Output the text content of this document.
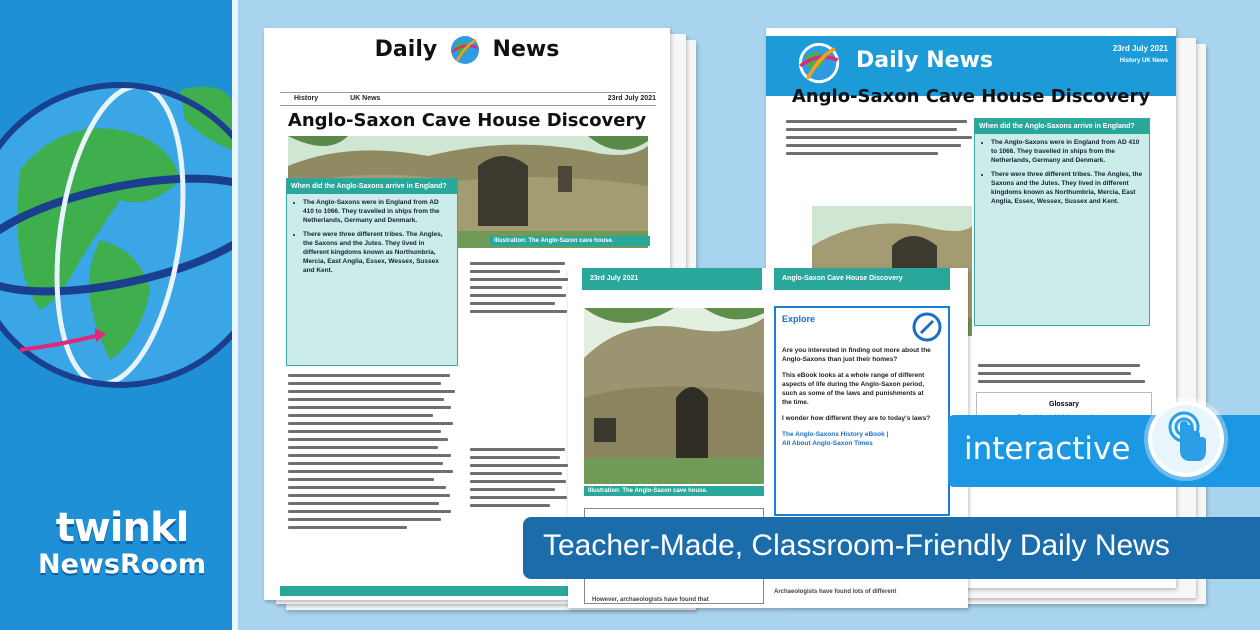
twinkl
NewsRoom
Daily	News
History	UK News	23rd July 2021
Anglo-Saxon Cave House Discovery
Illustration: The Anglo-Saxon cave house.
When did the Anglo-Saxons arrive in England?
• The Anglo-Saxons were in England from AD 410 to 1066. They travelled in ships from the Netherlands, Germany and Denmark.
• There were three different tribes. The Angles, the Saxons and the Jutes. They lived in different kingdoms known as Northumbria, Mercia, East Anglia, Essex, Wessex, Sussex and Kent.
Daily News	23rd July 2021
History UK News
Anglo-Saxon Cave House Discovery
When did the Anglo-Saxons arrive in England?
• The Anglo-Saxons were in England from AD 410 to 1066. They travelled in ships from the Netherlands, Germany and Denmark.
• There were three different tribes. The Angles, the Saxons and the Jutes. They lived in different kingdoms known as Northumbria, Mercia, East Anglia, Essex, Wessex, Sussex and Kent.
Glossary
23rd July 2021	Anglo-Saxon Cave House Discovery
Illustration: The Anglo-Saxon cave house.
Explore

Are you interested in finding out more about the Anglo-Saxons than just their homes?

This eBook looks at a whole range of different aspects of life during the Anglo-Saxon period, such as some of the laws and punishments at the time.

I wonder how different they are to today's laws?

The Anglo-Saxons History eBook |
All About Anglo-Saxon Times

Archaeologists have found lots of different
However, archaeologists have found that
interactive
Teacher-Made, Classroom-Friendly Daily News
